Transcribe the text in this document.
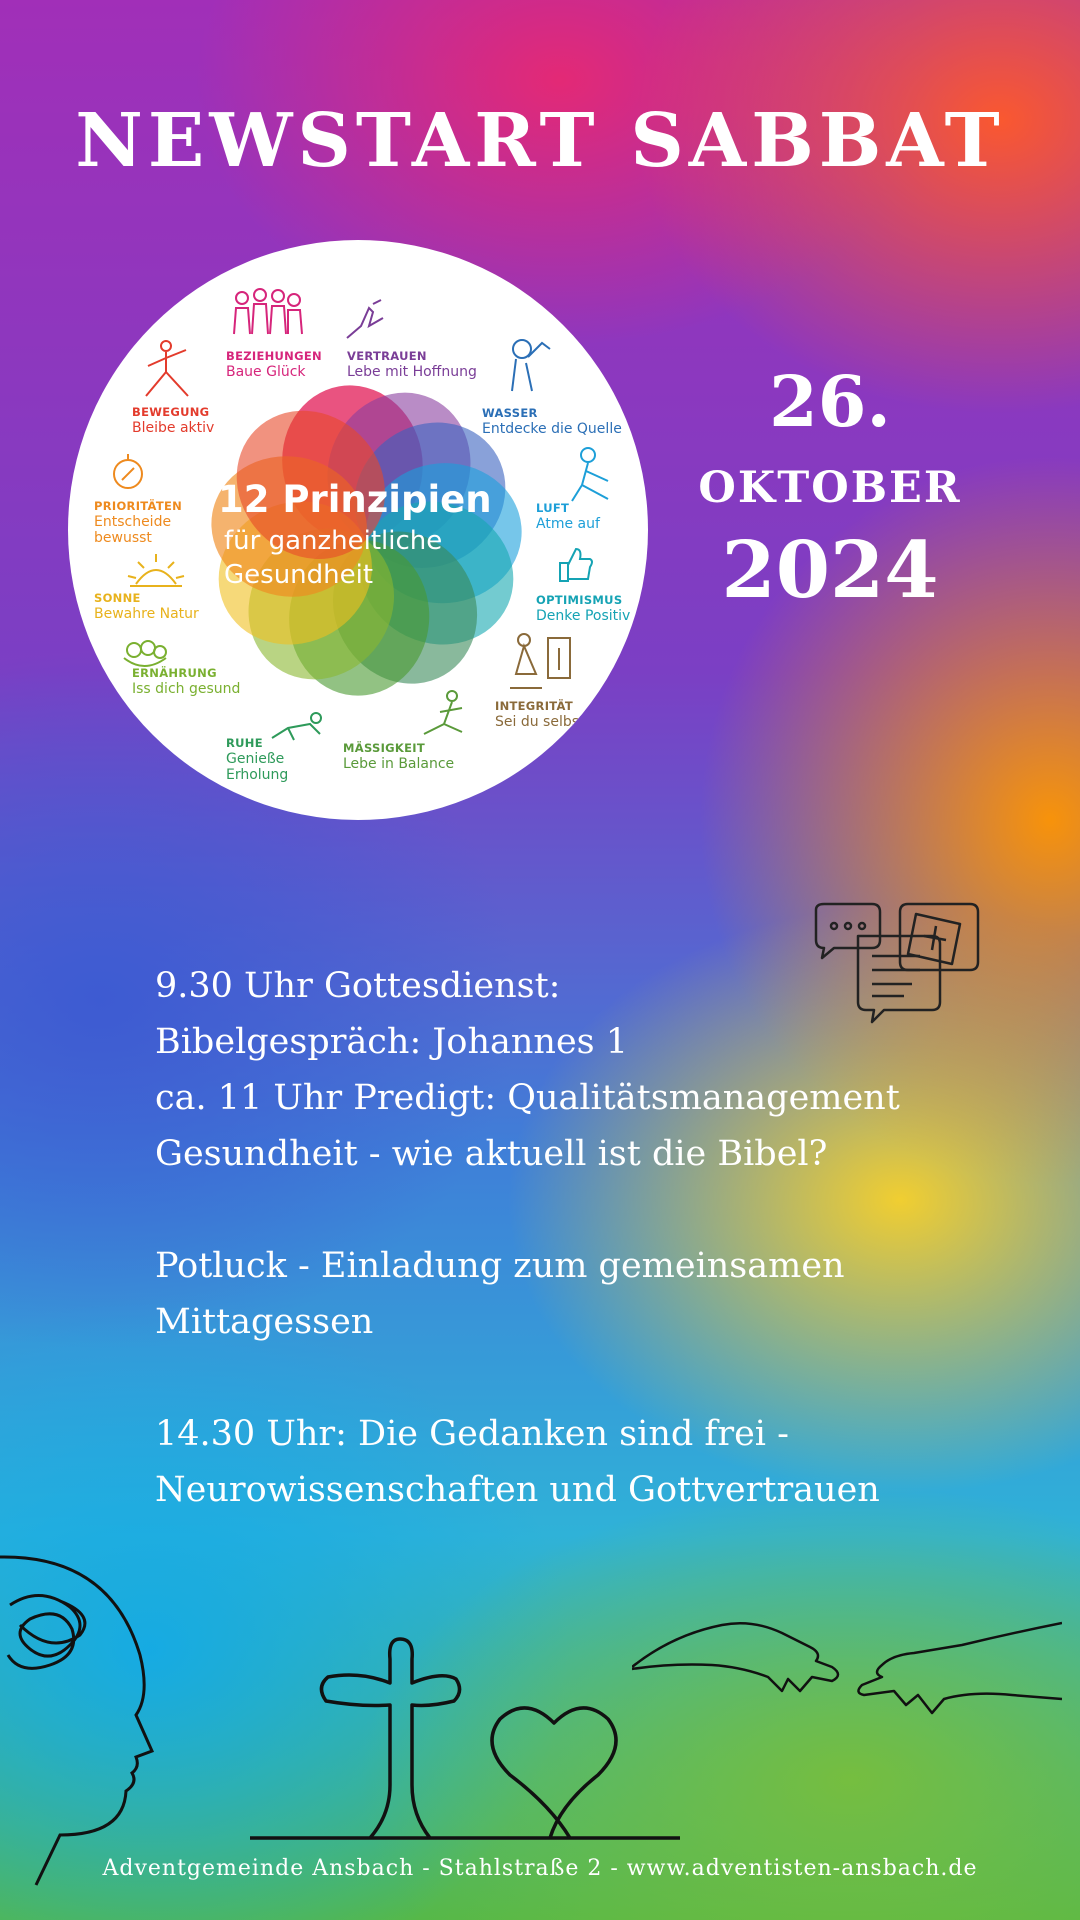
NEWSTART SABBAT
12 Prinzipien
für ganzheitliche
Gesundheit
BEZIEHUNGEN
Baue Glück
VERTRAUEN
Lebe mit Hoffnung
WASSER
Entdecke die Quelle
LUFT
Atme auf
OPTIMISMUS
Denke Positiv
INTEGRITÄT
Sei du selbst
MÄSSIGKEIT
Lebe in Balance
RUHE
Genieße Erholung
ERNÄHRUNG
Iss dich gesund
SONNE
Bewahre Natur
PRIORITÄTEN
Entscheide bewusst
BEWEGUNG
Bleibe aktiv	26.
OKTOBER
2024

9.30 Uhr Gottesdienst:

Bibelgespräch: Johannes 1

ca. 11 Uhr Predigt: Qualitätsmanagement

Gesundheit - wie aktuell ist die Bibel?

Potluck - Einladung zum gemeinsamen

Mittagessen

14.30 Uhr: Die Gedanken sind frei -

Neurowissenschaften und Gottvertrauen

Adventgemeinde Ansbach - Stahlstraße 2 - www.adventisten-ansbach.de
